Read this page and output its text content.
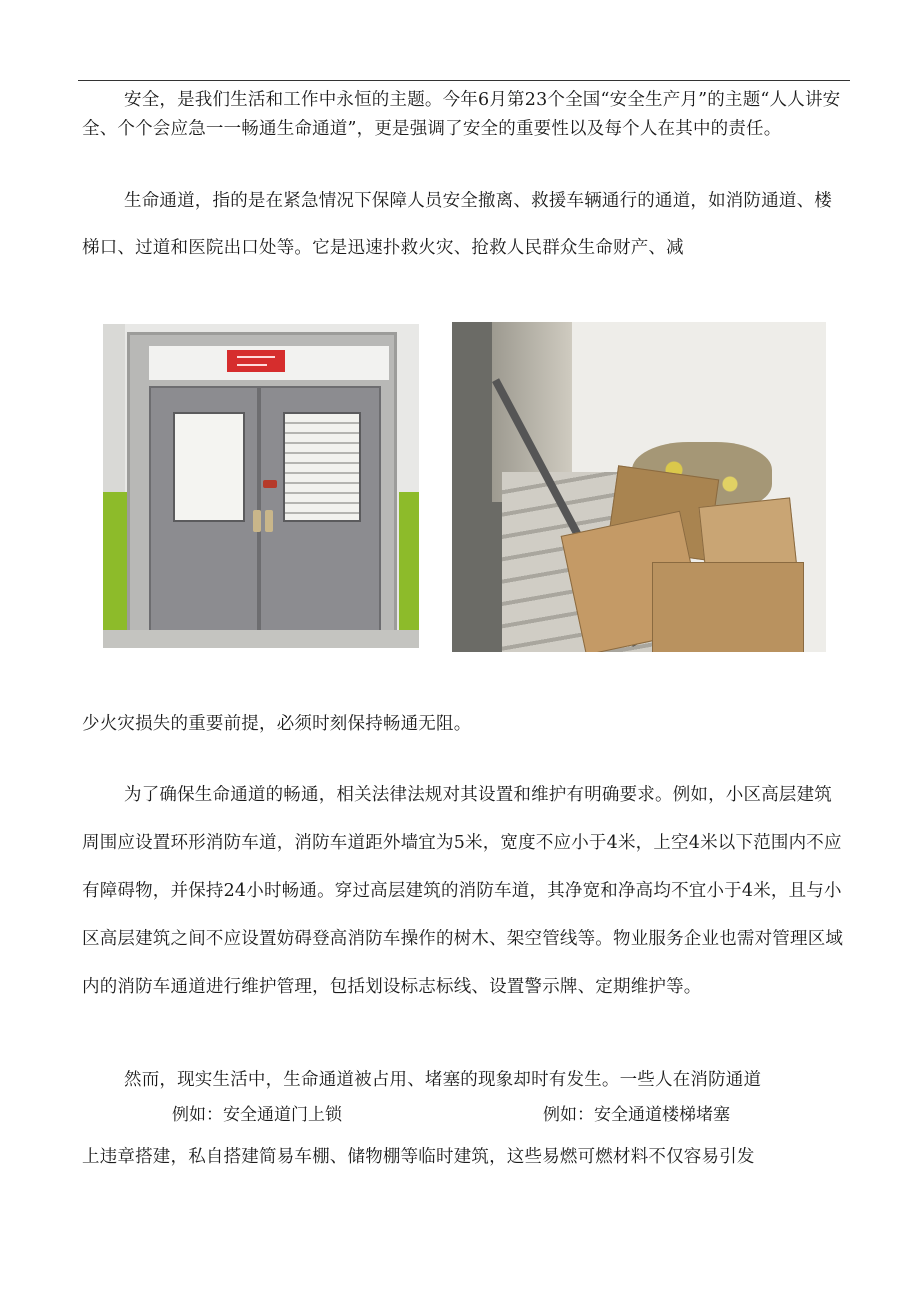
安全，是我们生活和工作中永恒的主题。今年6月第23个全国“安全生产月”的主题“人人讲安全、个个会应急一一畅通生命通道”，更是强调了安全的重要性以及每个人在其中的责任。

生命通道，指的是在紧急情况下保障人员安全撤离、救援车辆通行的通道，如消防通道、楼梯口、过道和医院出口处等。它是迅速扑救火灾、抢救人民群众生命财产、减

少火灾损失的重要前提，必须时刻保持畅通无阻。

为了确保生命通道的畅通，相关法律法规对其设置和维护有明确要求。例如，小区高层建筑周围应设置环形消防车道，消防车道距外墙宜为5米，宽度不应小于4米，上空4米以下范围内不应有障碍物，并保持24小时畅通。穿过高层建筑的消防车道，其净宽和净高均不宜小于4米，且与小区高层建筑之间不应设置妨碍登高消防车操作的树木、架空管线等。物业服务企业也需对管理区域内的消防车通道进行维护管理，包括划设标志标线、设置警示牌、定期维护等。

然而，现实生活中，生命通道被占用、堵塞的现象却时有发生。一些人在消防通道

例如：安全通道门上锁	例如：安全通道楼梯堵塞

上违章搭建，私自搭建简易车棚、储物棚等临时建筑，这些易燃可燃材料不仅容易引发
